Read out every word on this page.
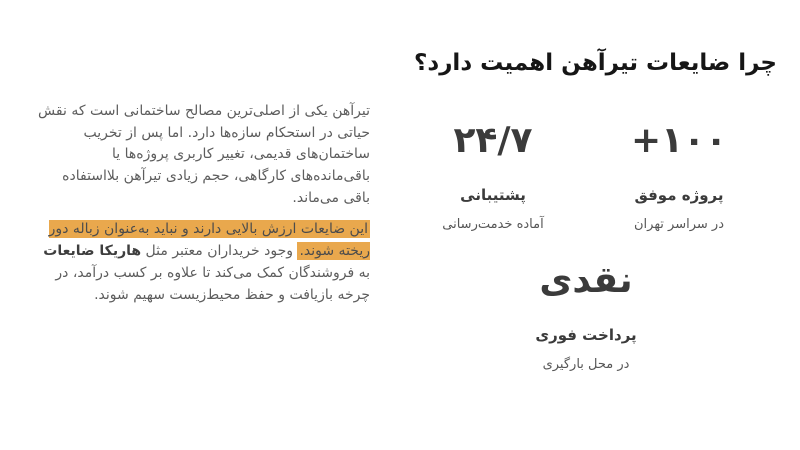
چرا ضایعات تیرآهن اهمیت دارد؟

تیرآهن یکی از اصلی‌ترین مصالح ساختمانی است که نقش حیاتی در استحکام سازه‌ها دارد. اما پس از تخریب ساختمان‌های قدیمی، تغییر کاربری پروژه‌ها یا باقی‌مانده‌های کارگاهی، حجم زیادی تیرآهن بلااستفاده باقی می‌ماند.

این ضایعات ارزش بالایی دارند و نباید به‌عنوان زباله دور ریخته شوند. وجود خریداران معتبر مثل هاریکا ضایعات به فروشندگان کمک می‌کند تا علاوه بر کسب درآمد، در چرخه بازیافت و حفظ محیط‌زیست سهیم شوند.

+۱۰۰
پروژه موفق
در سراسر تهران
۲۴/۷
پشتیبانی
آماده خدمت‌رسانی
نقدی
پرداخت فوری
در محل بارگیری
